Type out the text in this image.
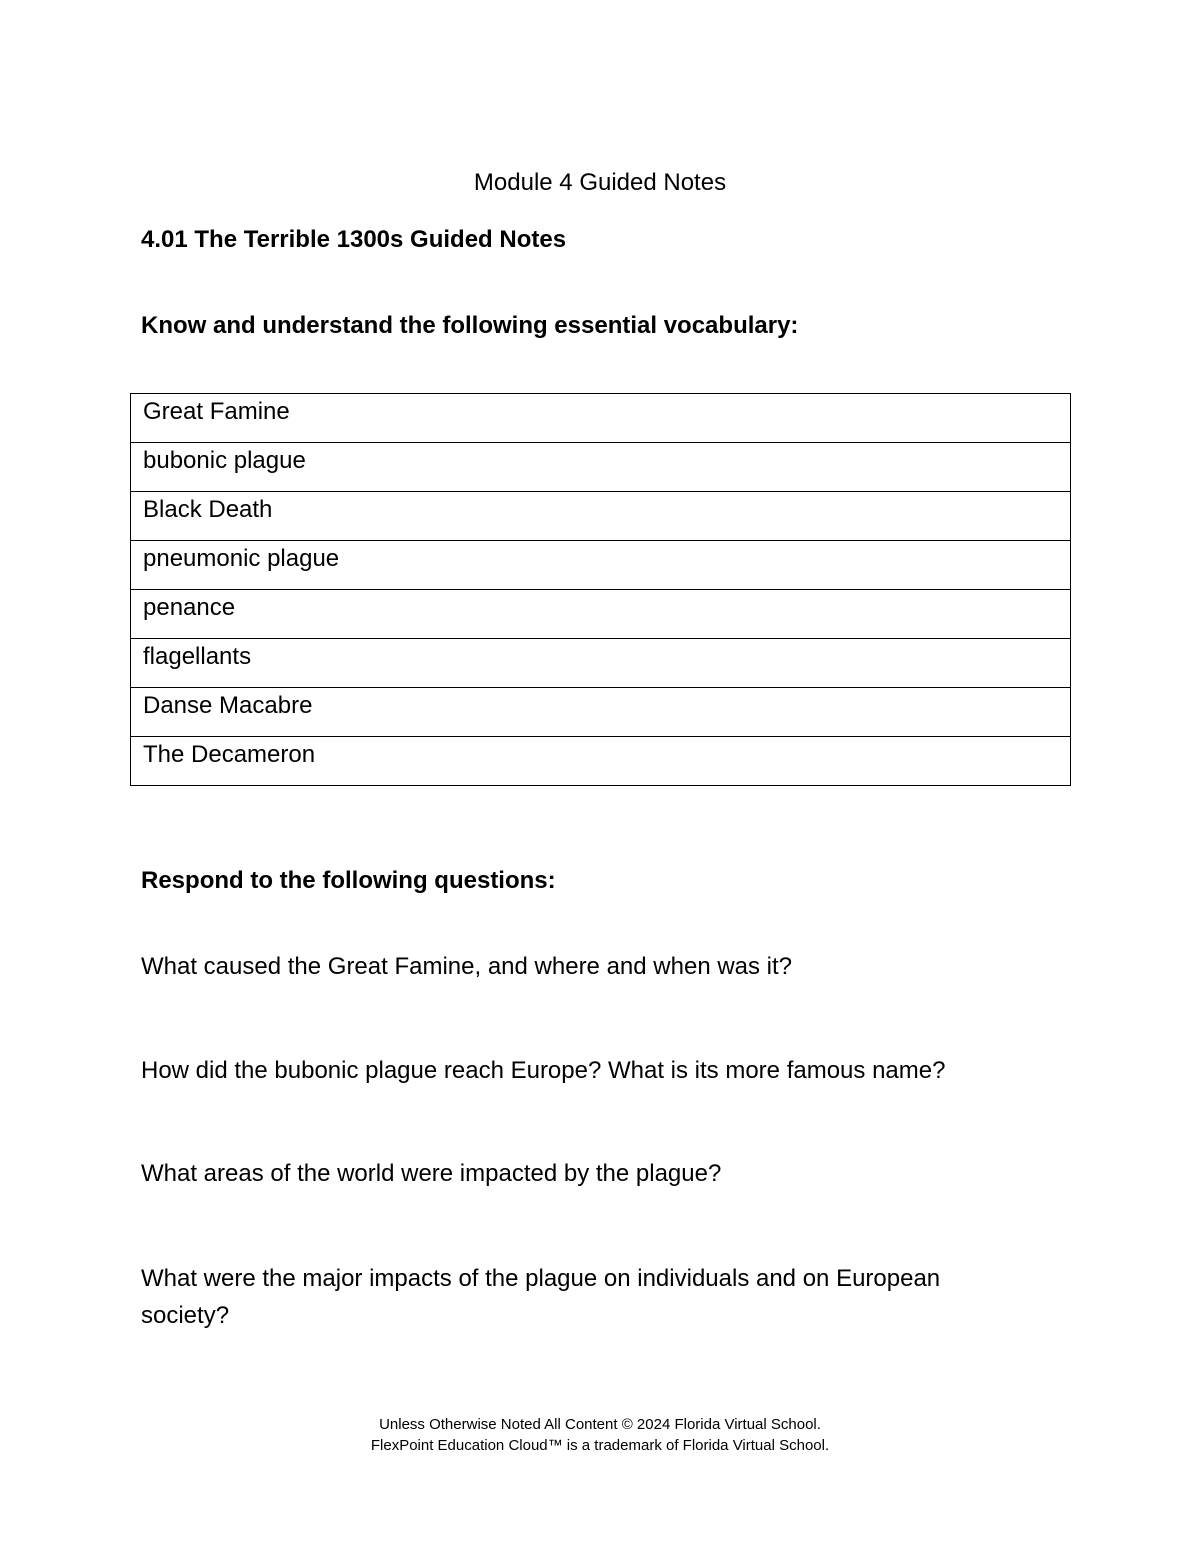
Module 4 Guided Notes
4.01 The Terrible 1300s Guided Notes
Know and understand the following essential vocabulary:
Great Famine
bubonic plague
Black Death
pneumonic plague
penance
flagellants
Danse Macabre
The Decameron
Respond to the following questions:
What caused the Great Famine, and where and when was it?
How did the bubonic plague reach Europe? What is its more famous name?
What areas of the world were impacted by the plague?
What were the major impacts of the plague on individuals and on European society?
Unless Otherwise Noted All Content © 2024 Florida Virtual School.
FlexPoint Education Cloud™ is a trademark of Florida Virtual School.
